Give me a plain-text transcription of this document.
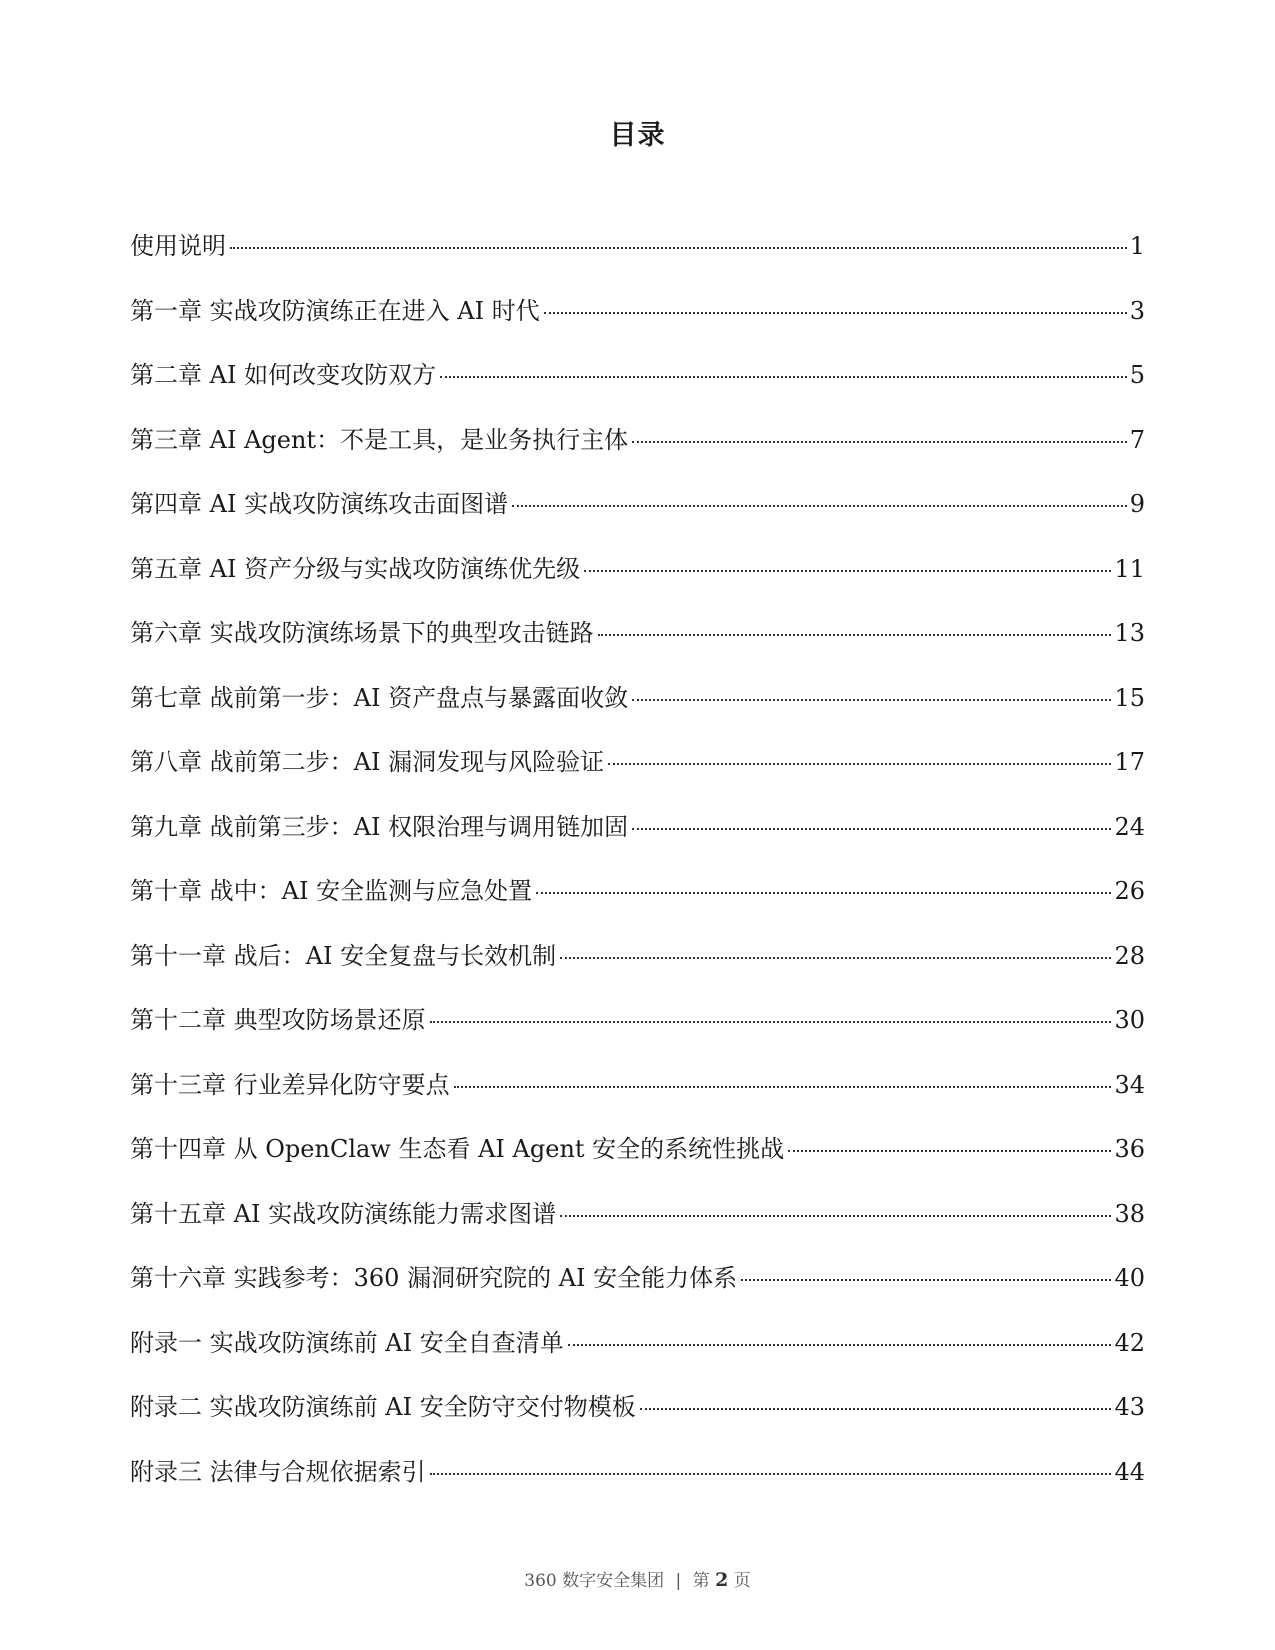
目录
使用说明	1
第一章 实战攻防演练正在进入 AI 时代	3
第二章 AI 如何改变攻防双方	5
第三章 AI Agent：不是工具，是业务执行主体	7
第四章 AI 实战攻防演练攻击面图谱	9
第五章 AI 资产分级与实战攻防演练优先级	11
第六章 实战攻防演练场景下的典型攻击链路	13
第七章 战前第一步：AI 资产盘点与暴露面收敛	15
第八章 战前第二步：AI 漏洞发现与风险验证	17
第九章 战前第三步：AI 权限治理与调用链加固	24
第十章 战中：AI 安全监测与应急处置	26
第十一章 战后：AI 安全复盘与长效机制	28
第十二章 典型攻防场景还原	30
第十三章 行业差异化防守要点	34
第十四章 从 OpenClaw 生态看 AI Agent 安全的系统性挑战	36
第十五章 AI 实战攻防演练能力需求图谱	38
第十六章 实践参考：360 漏洞研究院的 AI 安全能力体系	40
附录一 实战攻防演练前 AI 安全自查清单	42
附录二 实战攻防演练前 AI 安全防守交付物模板	43
附录三 法律与合规依据索引	44
360 数字安全集团 | 第 2 页
